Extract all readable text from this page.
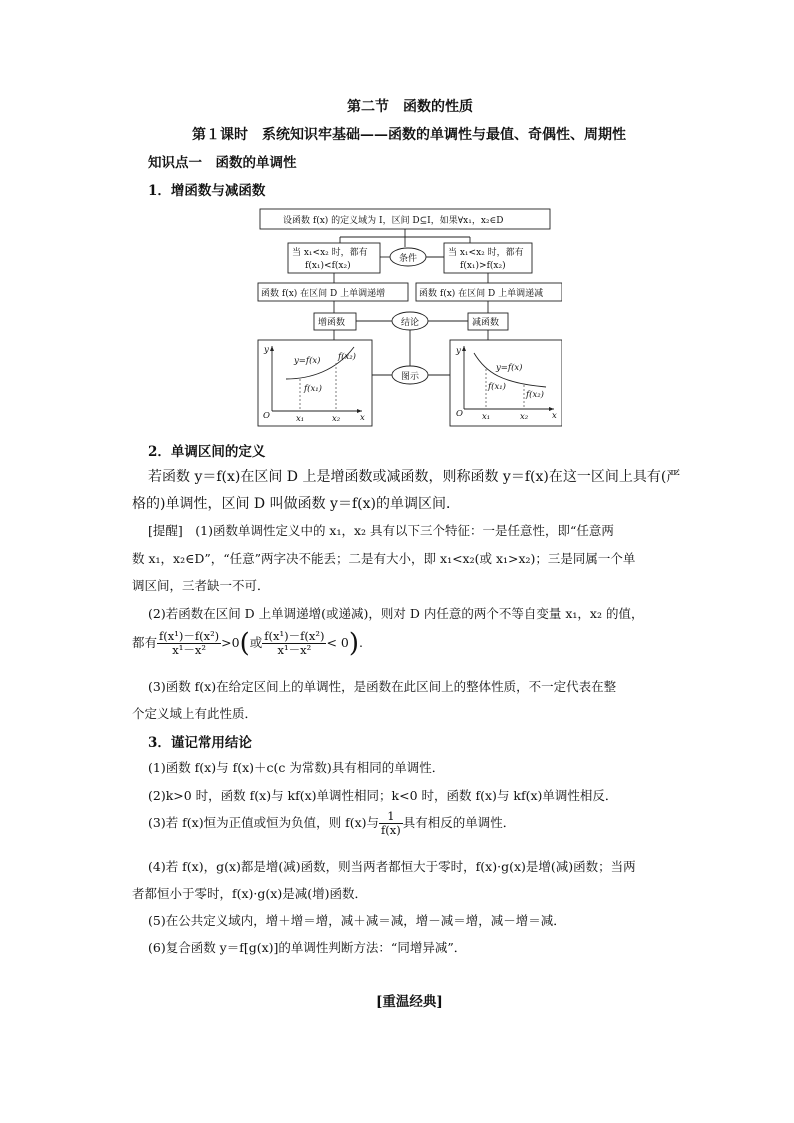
第二节　函数的性质
第１课时　系统知识牢基础——函数的单调性与最值、奇偶性、周期性
知识点一　函数的单调性
1．增函数与减函数
设函数 f(x) 的定义域为 I，区间 D⊆I，如果∀x₁，x₂∈D
当 x₁<x₂ 时，都有
f(x₁)<f(x₂)
当 x₁<x₂ 时，都有
f(x₁)>f(x₂)
条件
函数 f(x) 在区间 D 上单调递增	函数 f(x) 在区间 D 上单调递减
增函数	减函数
结论
图示
y
x
O
y=f(x)
f(x₁)
f(x₂)
x₁	x₂
y
x
O
y=f(x)
f(x₁)
f(x₂)
x₁	x₂
2．单调区间的定义
若函数 y＝f(x)在区间 D 上是增函数或减函数，则称函数 y＝f(x)在这一区间上具有(严
格的)单调性，区间 D 叫做函数 y＝f(x)的单调区间．
[提醒]　(1)函数单调性定义中的 x₁，x₂ 具有以下三个特征：一是任意性，即“任意两
数 x₁，x₂∈D”，“任意”两字决不能丢；二是有大小，即 x₁<x₂(或 x₁>x₂)；三是同属一个单
调区间，三者缺一不可．
(2)若函数在区间 D 上单调递增(或递减)，则对 D 内任意的两个不等自变量 x₁，x₂ 的值，
都有 $\frac{\text{f(x¹)－f(x²)}}{\text{x¹－x²}} >0$(或 $\frac{\text{f(x¹)－f(x²)}}{\text{x¹－x²}} < 0$).
(3)函数 f(x)在给定区间上的单调性，是函数在此区间上的整体性质，不一定代表在整
个定义域上有此性质．
3．谨记常用结论
(1)函数 f(x)与 f(x)＋c(c 为常数)具有相同的单调性．
(2)k>0 时，函数 f(x)与 kf(x)单调性相同；k<0 时，函数 f(x)与 kf(x)单调性相反．
(3)若 f(x)恒为正值或恒为负值，则 f(x)与 $\frac{1}{f(x)}$ 具有相反的单调性．
(4)若 f(x)，g(x)都是增(减)函数，则当两者都恒大于零时，f(x)·g(x)是增(减)函数；当两
者都恒小于零时，f(x)·g(x)是减(增)函数．
(5)在公共定义域内，增＋增＝增，减＋减＝减，增－减＝增，减－增＝减．
(6)复合函数 y＝f[g(x)]的单调性判断方法：“同增异减”．
[重温经典]
